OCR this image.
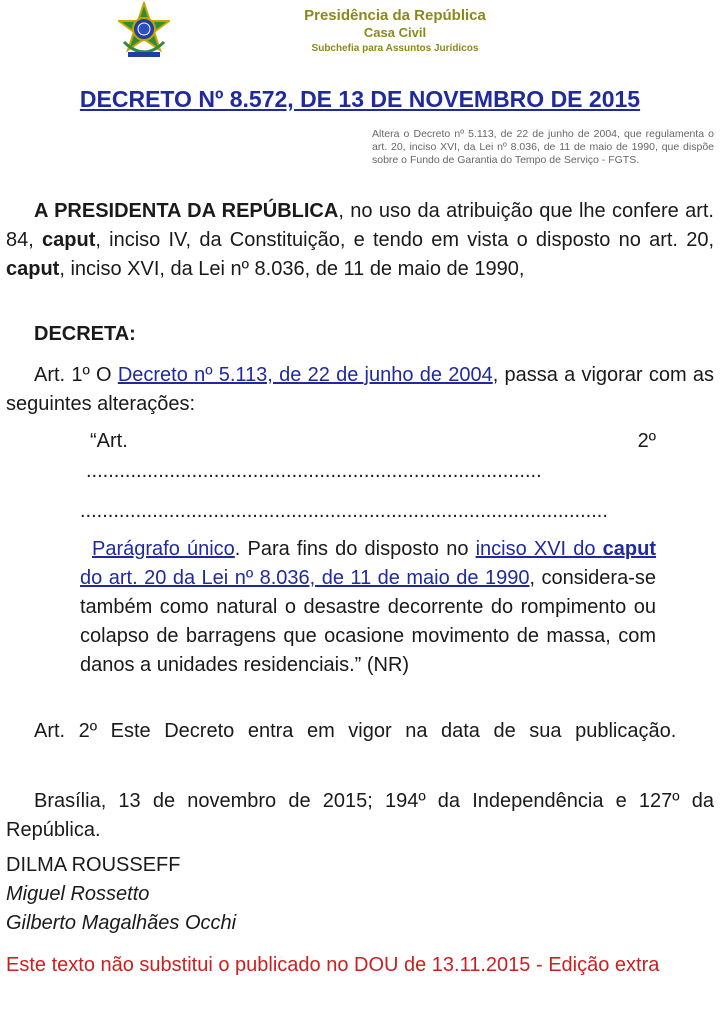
Presidência da República
Casa Civil
Subchefia para Assuntos Jurídicos
DECRETO Nº 8.572, DE 13 DE NOVEMBRO DE 2015
Altera o Decreto nº 5.113, de 22 de junho de 2004, que regulamenta o art. 20, inciso XVI, da Lei nº 8.036, de 11 de maio de 1990, que dispõe sobre o Fundo de Garantia do Tempo de Serviço - FGTS.
A PRESIDENTA DA REPÚBLICA, no uso da atribuição que lhe confere art. 84, caput, inciso IV, da Constituição, e tendo em vista o disposto no art. 20, caput, inciso XVI, da Lei nº 8.036, de 11 de maio de 1990,
DECRETA:
Art. 1º O Decreto nº 5.113, de 22 de junho de 2004, passa a vigorar com as seguintes alterações:
“Art.	2º
..................................................................................
...............................................................................................
Parágrafo único. Para fins do disposto no inciso XVI do caput do art. 20 da Lei nº 8.036, de 11 de maio de 1990, considera-se também como natural o desastre decorrente do rompimento ou colapso de barragens que ocasione movimento de massa, com danos a unidades residenciais.” (NR)
Art. 2º Este Decreto entra em vigor na data de sua publicação.
Brasília, 13 de novembro de 2015; 194º da Independência e 127º da República.
DILMA ROUSSEFF
Miguel Rossetto
Gilberto Magalhães Occhi
Este texto não substitui o publicado no DOU de 13.11.2015 - Edição extra
